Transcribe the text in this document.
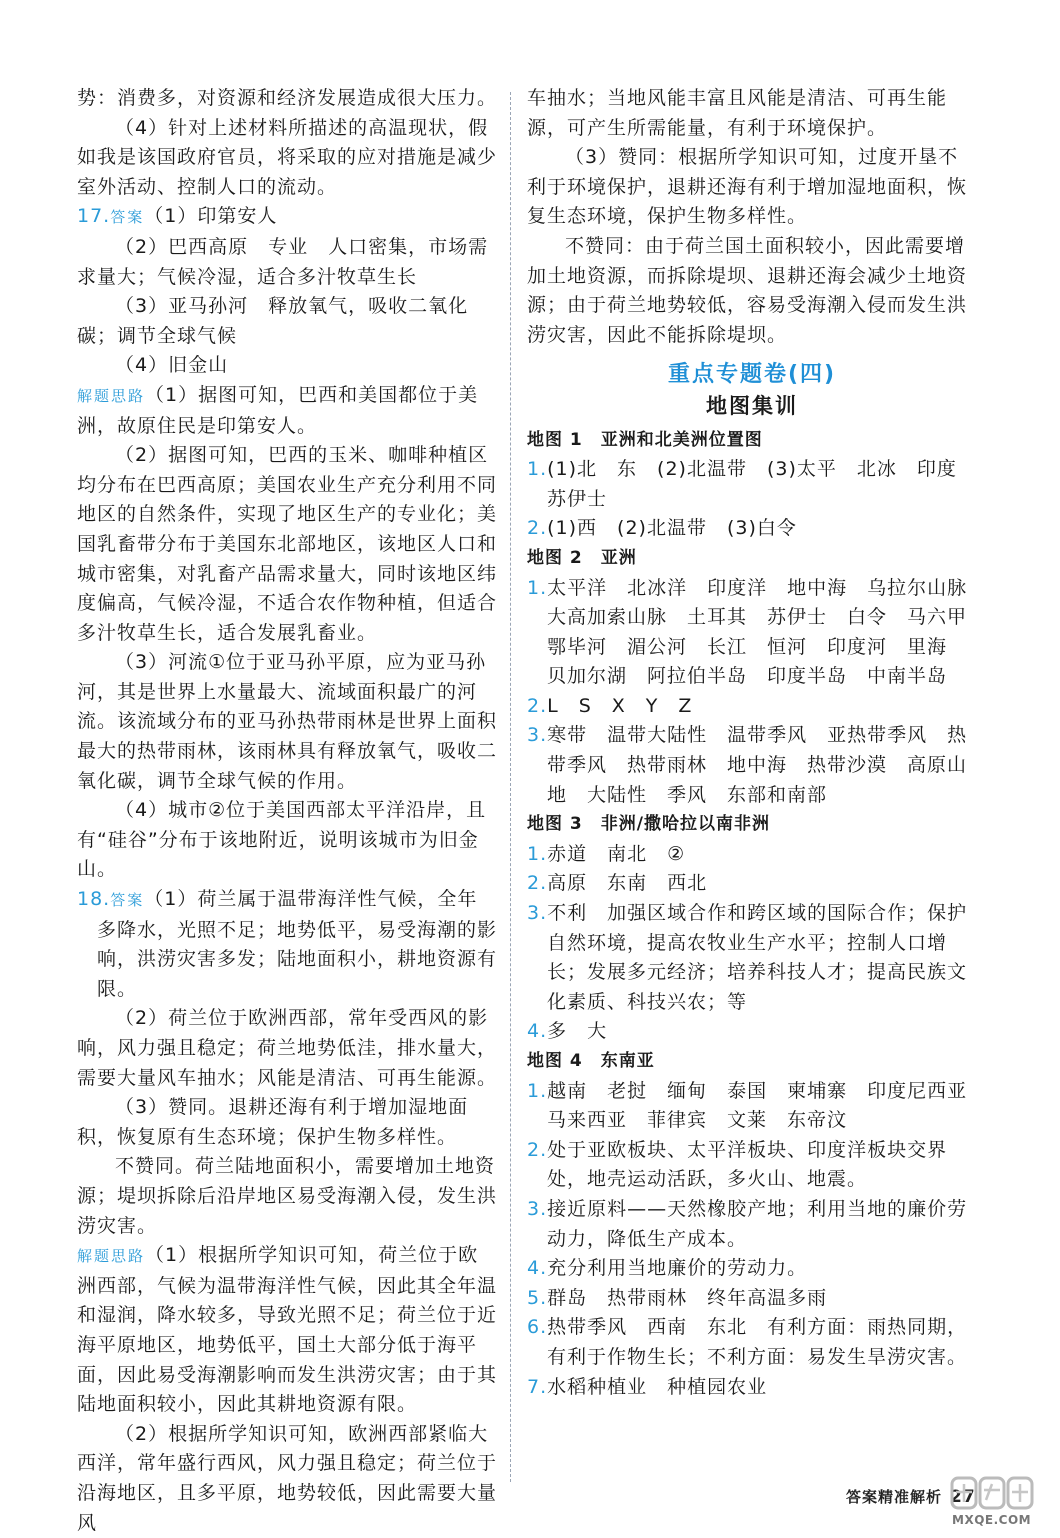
势：消费多，对资源和经济发展造成很大压力。
（4）针对上述材料所描述的高温现状，假如我是该国政府官员，将采取的应对措施是减少室外活动、控制人口的流动。
17.答案（1）印第安人
（2）巴西高原　专业　人口密集，市场需求量大；气候冷湿，适合多汁牧草生长
（3）亚马孙河　释放氧气，吸收二氧化碳；调节全球气候
（4）旧金山
解题思路（1）据图可知，巴西和美国都位于美洲，故原住民是印第安人。
（2）据图可知，巴西的玉米、咖啡种植区均分布在巴西高原；美国农业生产充分利用不同地区的自然条件，实现了地区生产的专业化；美国乳畜带分布于美国东北部地区，该地区人口和城市密集，对乳畜产品需求量大，同时该地区纬度偏高，气候冷湿，不适合农作物种植，但适合多汁牧草生长，适合发展乳畜业。
（3）河流①位于亚马孙平原，应为亚马孙河，其是世界上水量最大、流域面积最广的河流。该流域分布的亚马孙热带雨林是世界上面积最大的热带雨林，该雨林具有释放氧气，吸收二氧化碳，调节全球气候的作用。
（4）城市②位于美国西部太平洋沿岸，且有“硅谷”分布于该地附近，说明该城市为旧金山。
18.答案（1）荷兰属于温带海洋性气候，全年多降水，光照不足；地势低平，易受海潮的影响，洪涝灾害多发；陆地面积小，耕地资源有限。
（2）荷兰位于欧洲西部，常年受西风的影响，风力强且稳定；荷兰地势低洼，排水量大，需要大量风车抽水；风能是清洁、可再生能源。
（3）赞同。退耕还海有利于增加湿地面积，恢复原有生态环境；保护生物多样性。
不赞同。荷兰陆地面积小，需要增加土地资源；堤坝拆除后沿岸地区易受海潮入侵，发生洪涝灾害。
解题思路（1）根据所学知识可知，荷兰位于欧洲西部，气候为温带海洋性气候，因此其全年温和湿润，降水较多，导致光照不足；荷兰位于近海平原地区，地势低平，国土大部分低于海平面，因此易受海潮影响而发生洪涝灾害；由于其陆地面积较小，因此其耕地资源有限。
（2）根据所学知识可知，欧洲西部紧临大西洋，常年盛行西风，风力强且稳定；荷兰位于沿海地区，且多平原，地势较低，因此需要大量风
车抽水；当地风能丰富且风能是清洁、可再生能源，可产生所需能量，有利于环境保护。
（3）赞同：根据所学知识可知，过度开垦不利于环境保护，退耕还海有利于增加湿地面积，恢复生态环境，保护生物多样性。
不赞同：由于荷兰国土面积较小，因此需要增加土地资源，而拆除堤坝、退耕还海会减少土地资源；由于荷兰地势较低，容易受海潮入侵而发生洪涝灾害，因此不能拆除堤坝。
重点专题卷(四)
地图集训
地图 1　亚洲和北美洲位置图
1.(1)北　东　(2)北温带　(3)太平　北冰　印度　苏伊士
2.(1)西　(2)北温带　(3)白令
地图 2　亚洲
1.太平洋　北冰洋　印度洋　地中海　乌拉尔山脉　大高加索山脉　土耳其　苏伊士　白令　马六甲　鄂毕河　湄公河　长江　恒河　印度河　里海　贝加尔湖　阿拉伯半岛　印度半岛　中南半岛
2.L　S　X　Y　Z
3.寒带　温带大陆性　温带季风　亚热带季风　热带季风　热带雨林　地中海　热带沙漠　高原山地　大陆性　季风　东部和南部
地图 3　非洲/撒哈拉以南非洲
1.赤道　南北　②
2.高原　东南　西北
3.不利　加强区域合作和跨区域的国际合作；保护自然环境，提高农牧业生产水平；控制人口增长；发展多元经济；培养科技人才；提高民族文化素质、科技兴农；等
4.多　大
地图 4　东南亚
1.越南　老挝　缅甸　泰国　柬埔寨　印度尼西亚　马来西亚　菲律宾　文莱　东帝汶
2.处于亚欧板块、太平洋板块、印度洋板块交界处，地壳运动活跃，多火山、地震。
3.接近原料——天然橡胶产地；利用当地的廉价劳动力，降低生产成本。
4.充分利用当地廉价的劳动力。
5.群岛　热带雨林　终年高温多雨
6.热带季风　西南　东北　有利方面：雨热同期，有利于作物生长；不利方面：易发生旱涝灾害。
7.水稻种植业　种植园农业
答案精准解析 27
MXQE.COM
